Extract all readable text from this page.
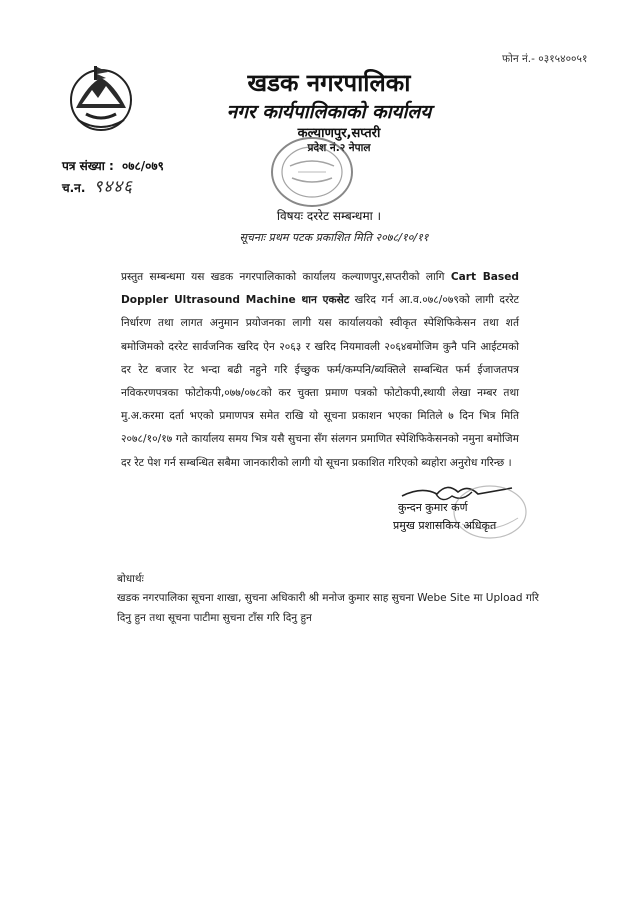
फोन नं.- ०३१५४००५१
खडक नगरपालिका
नगर कार्यपालिकाको कार्यालय
कल्याणपुर,सप्तरी
प्रदेश नं.२ नेपाल
पत्र संख्या : ०७८/०७९
च.न. ९४४६
विषयः दररेट सम्बन्धमा ।
सूचनाः प्रथम पटक प्रकाशित मिति २०७८/१०/११
प्रस्तुत सम्बन्धमा यस खडक नगरपालिकाको कार्यालय कल्याणपुर,सप्तरीको लागि Cart Based Doppler Ultrasound Machine थान एकसेट खरिद गर्न आ.व.०७८/०७९को लागी दररेट निर्धारण तथा लागत अनुमान प्रयोजनका लागी यस कार्यालयको स्वीकृत स्पेशिफिकेसन तथा शर्त बमोजिमको दररेट सार्वजनिक खरिद ऐन २०६३ र खरिद नियमावली २०६४बमोजिम कुनै पनि आईटमको दर रेट बजार रेट भन्दा बढी नहुने गरि ईच्छुक फर्म/कम्पनि/ब्यक्तिले सम्बन्धित फर्म ईजाजतपत्र नविकरणपत्रका फोटोकपी,०७७/०७८को कर चुक्ता प्रमाण पत्रको फोटोकपी,स्थायी लेखा नम्बर तथा मु.अ.करमा दर्ता भएको प्रमाणपत्र समेत राखि यो सूचना प्रकाशन भएका मितिले ७ दिन भित्र मिति २०७८/१०/१७ गते कार्यालय समय भित्र यसै सुचना सँग संलगन प्रमाणित स्पेशिफिकेसनको नमुना बमोजिम दर रेट पेश गर्न सम्बन्धित सबैमा जानकारीको लागी यो सूचना प्रकाशित गरिएको ब्यहोरा अनुरोध गरिन्छ ।
कुन्दन कुमार कर्ण
प्रमुख प्रशासकिय अधिकृत
बोधार्थः
खडक नगरपालिका सूचना शाखा, सुचना अधिकारी श्री मनोज कुमार साह सुचना Webe Site मा Upload गरि दिनु हुन तथा सूचना पाटीमा सुचना टाँस गरि दिनु हुन
